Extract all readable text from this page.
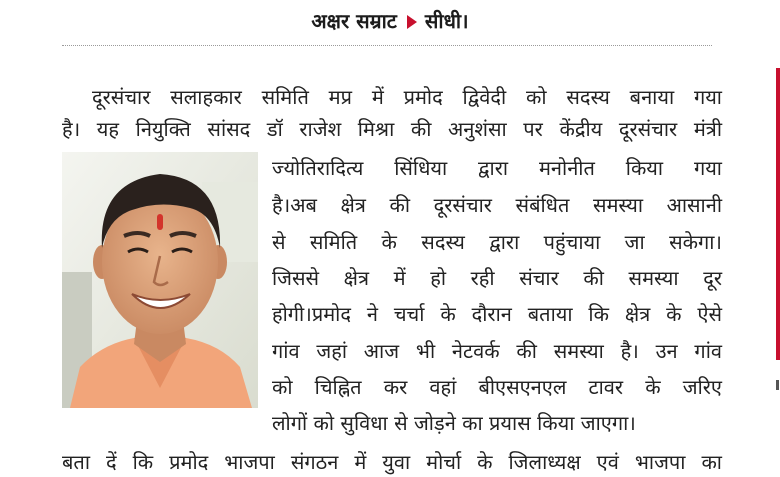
अक्षर सम्राट सीधी।
दूरसंचार सलाहकार समिति मप्र में प्रमोद द्विवेदी को सदस्य बनाया गया
है। यह नियुक्ति सांसद डॉ राजेश मिश्रा की अनुशंसा पर केंद्रीय दूरसंचार मंत्री
ज्योतिरादित्य सिंधिया द्वारा मनोनीत किया गया
है।अब क्षेत्र की दूरसंचार संबंधित समस्या आसानी
से समिति के सदस्य द्वारा पहुंचाया जा सकेगा।
जिससे क्षेत्र में हो रही संचार की समस्या दूर
होगी।प्रमोद ने चर्चा के दौरान बताया कि क्षेत्र के ऐसे
गांव जहां आज भी नेटवर्क की समस्या है। उन गांव
को चिह्नित कर वहां बीएसएनएल टावर के जरिए
लोगों को सुविधा से जोड़ने का प्रयास किया जाएगा।
बता दें कि प्रमोद भाजपा संगठन में युवा मोर्चा के जिलाध्यक्ष एवं भाजपा का
